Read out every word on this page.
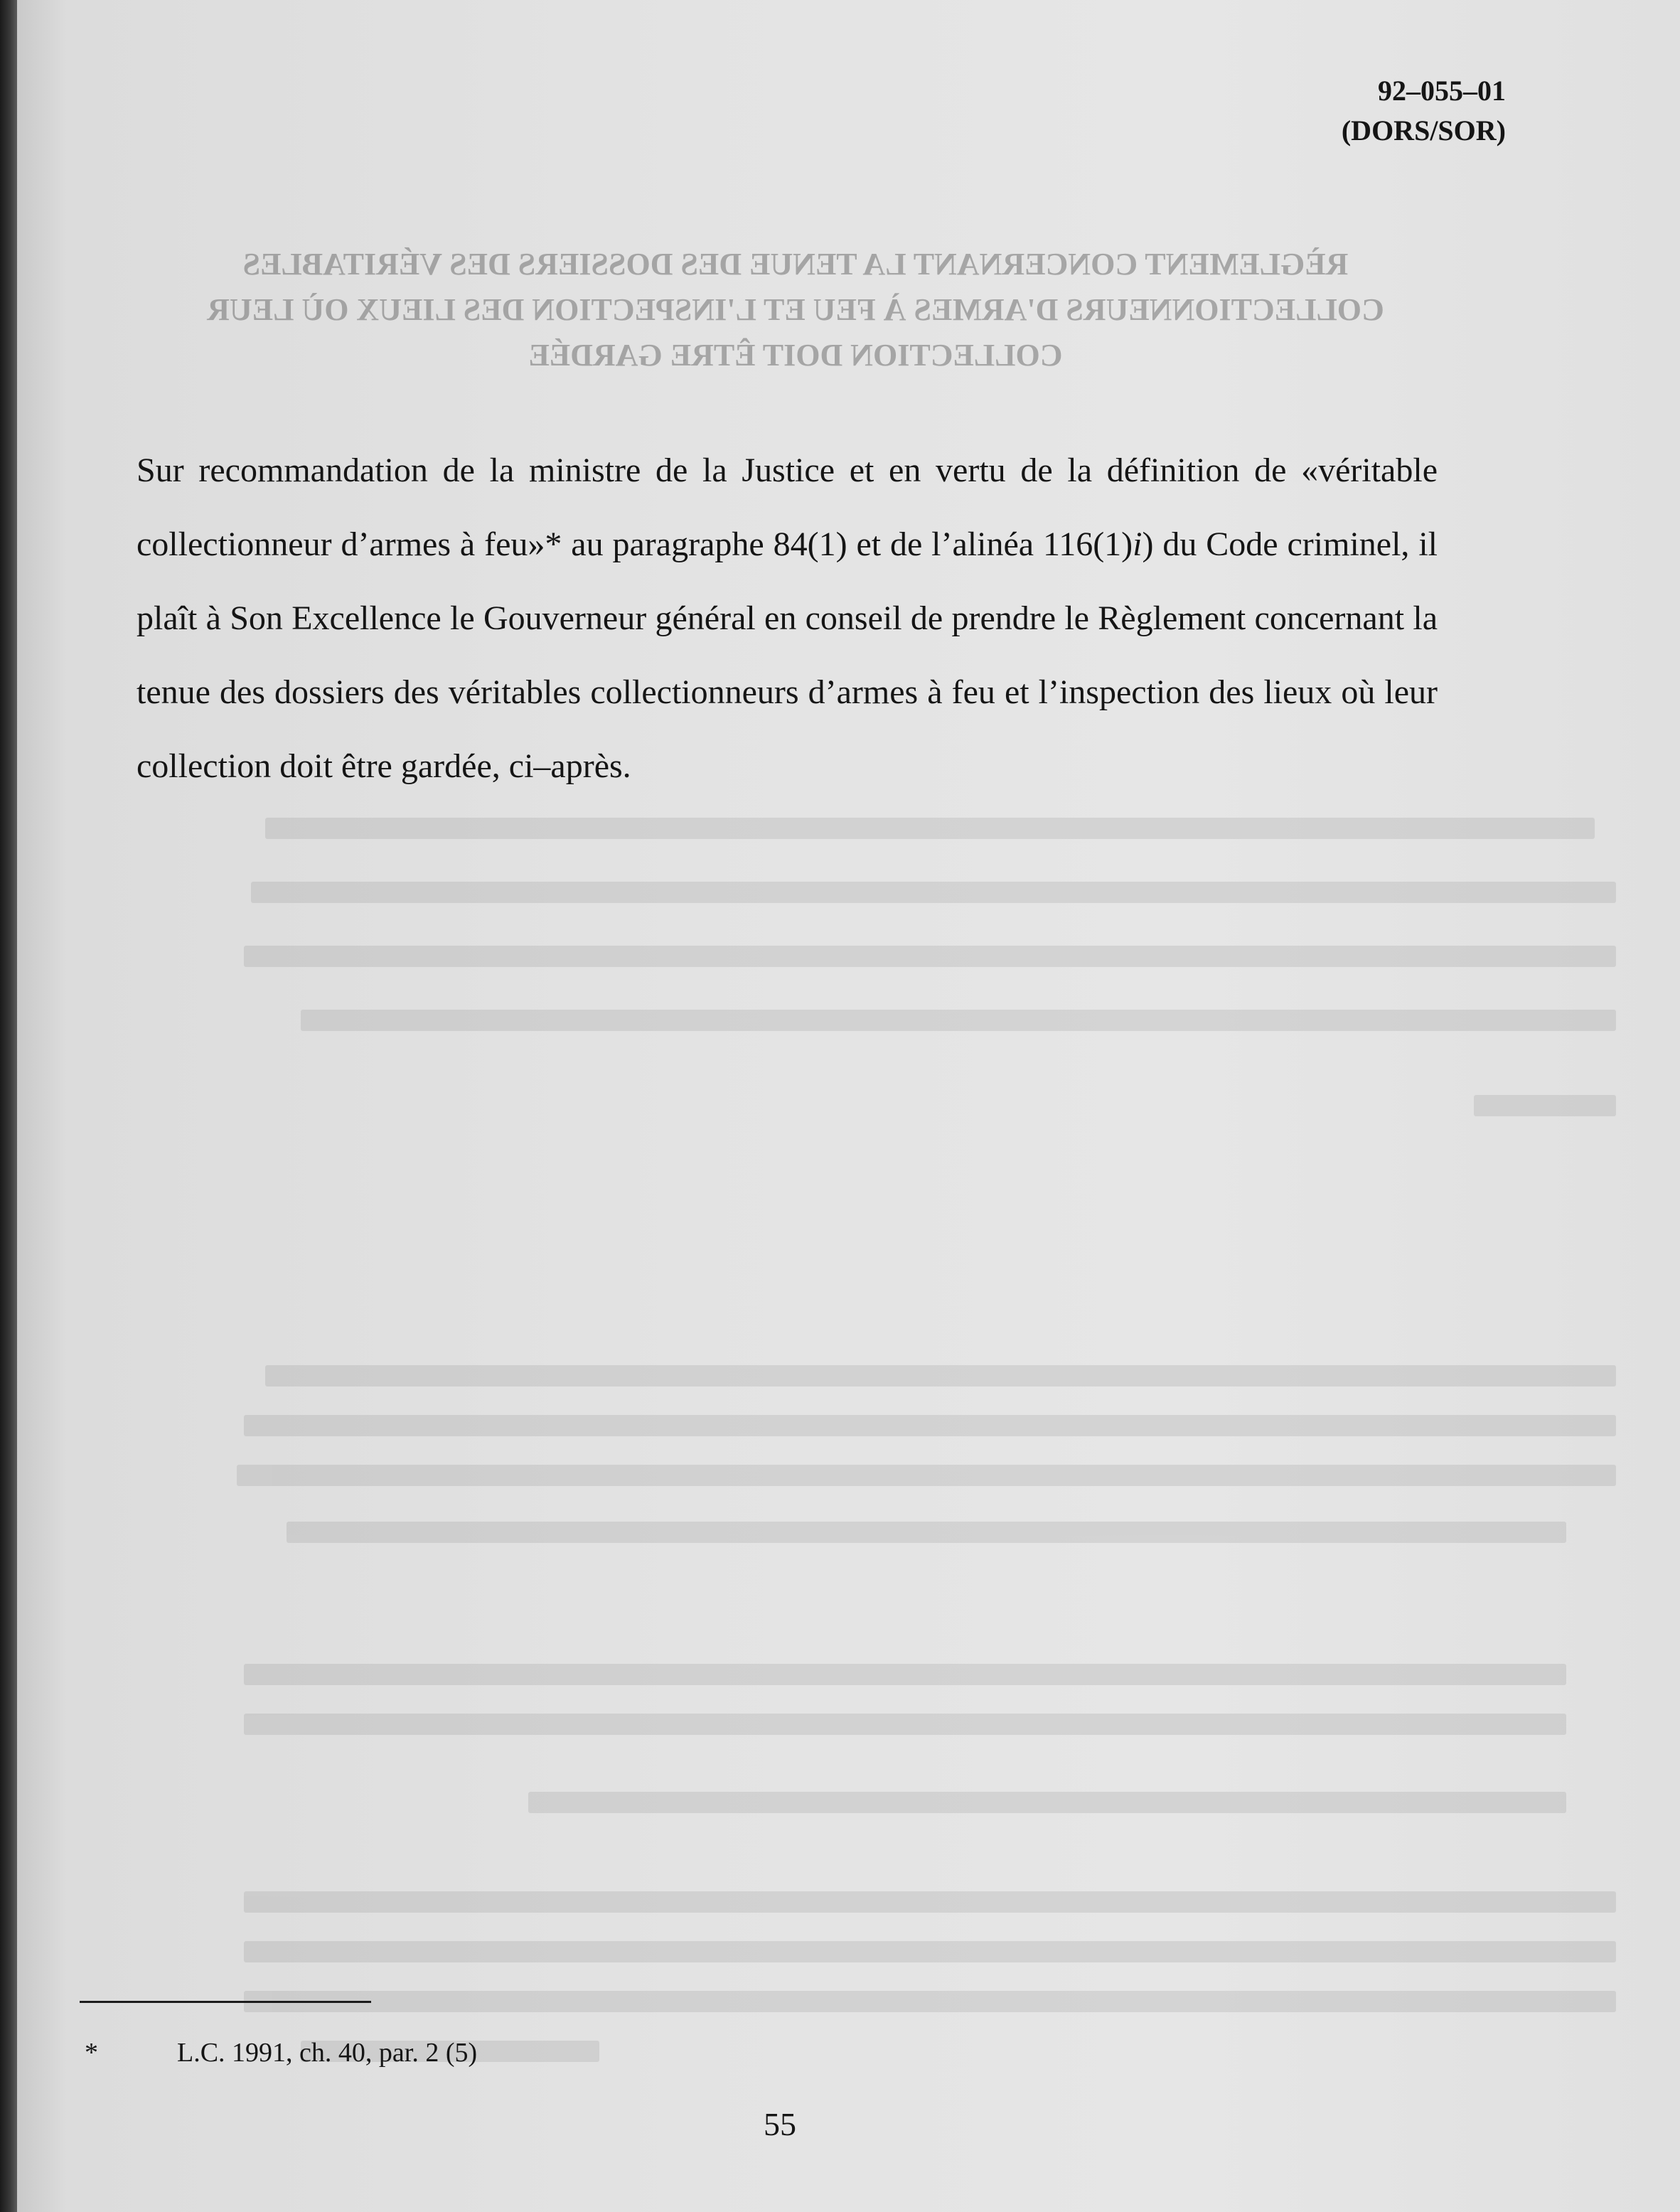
92–055–01
(DORS/SOR)
RÈGLEMENT CONCERNANT LA TENUE DES DOSSIERS DES VÉRITABLES COLLECTIONNEURS D'ARMES À FEU ET L'INSPECTION DES LIEUX OÙ LEUR COLLECTION DOIT ÊTRE GARDÉE
Sur recommandation de la ministre de la Justice et en vertu de la définition de «véritable collectionneur d’armes à feu»* au paragraphe 84(1) et de l’alinéa 116(1)i) du Code criminel, il plaît à Son Excellence le Gouverneur général en conseil de prendre le Règlement concernant la tenue des dossiers des véritables collectionneurs d’armes à feu et l’inspection des lieux où leur collection doit être gardée, ci–après.
*	L.C. 1991, ch. 40, par. 2 (5)
55
